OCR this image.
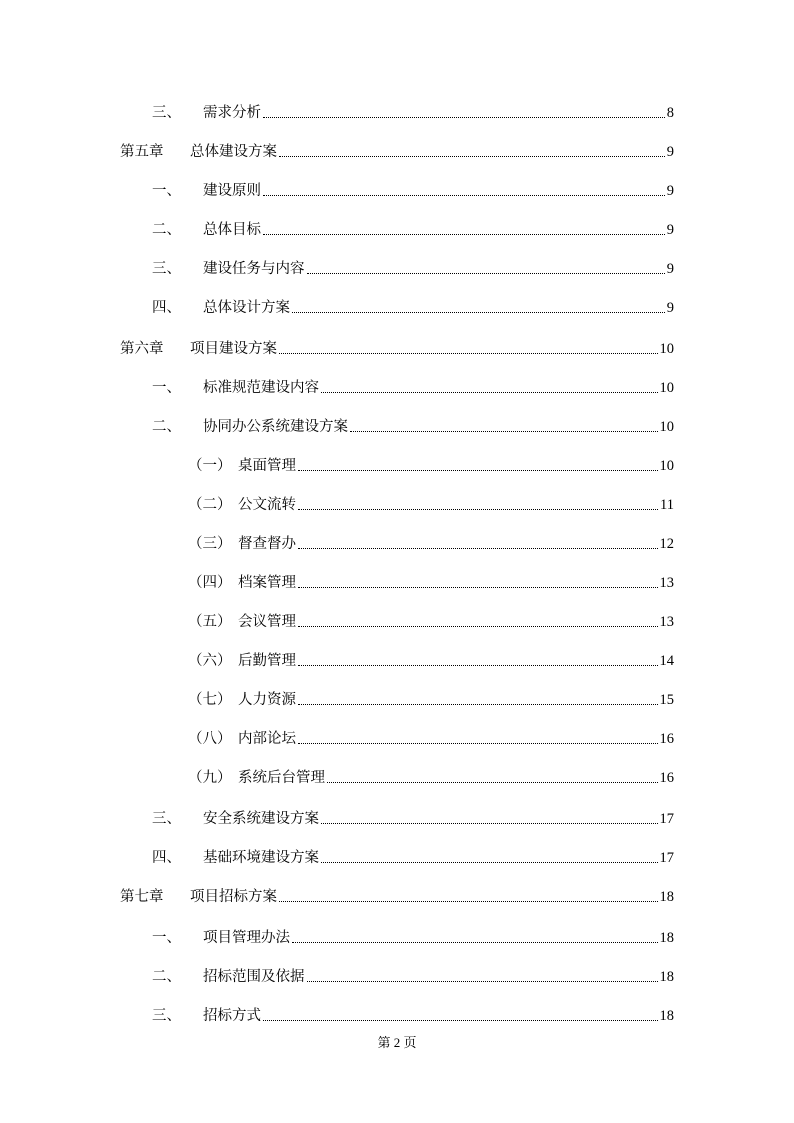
三、	需求分析	8
第五章	总体建设方案	9
一、	建设原则	9
二、	总体目标	9
三、	建设任务与内容	9
四、	总体设计方案	9
第六章	项目建设方案	10
一、	标准规范建设内容	10
二、	协同办公系统建设方案	10
（一） 桌面管理	10
（二） 公文流转	11
（三） 督查督办	12
（四） 档案管理	13
（五） 会议管理	13
（六） 后勤管理	14
（七） 人力资源	15
（八） 内部论坛	16
（九） 系统后台管理	16
三、	安全系统建设方案	17
四、	基础环境建设方案	17
第七章	项目招标方案	18
一、	项目管理办法	18
二、	招标范围及依据	18
三、	招标方式	18
第 2 页
